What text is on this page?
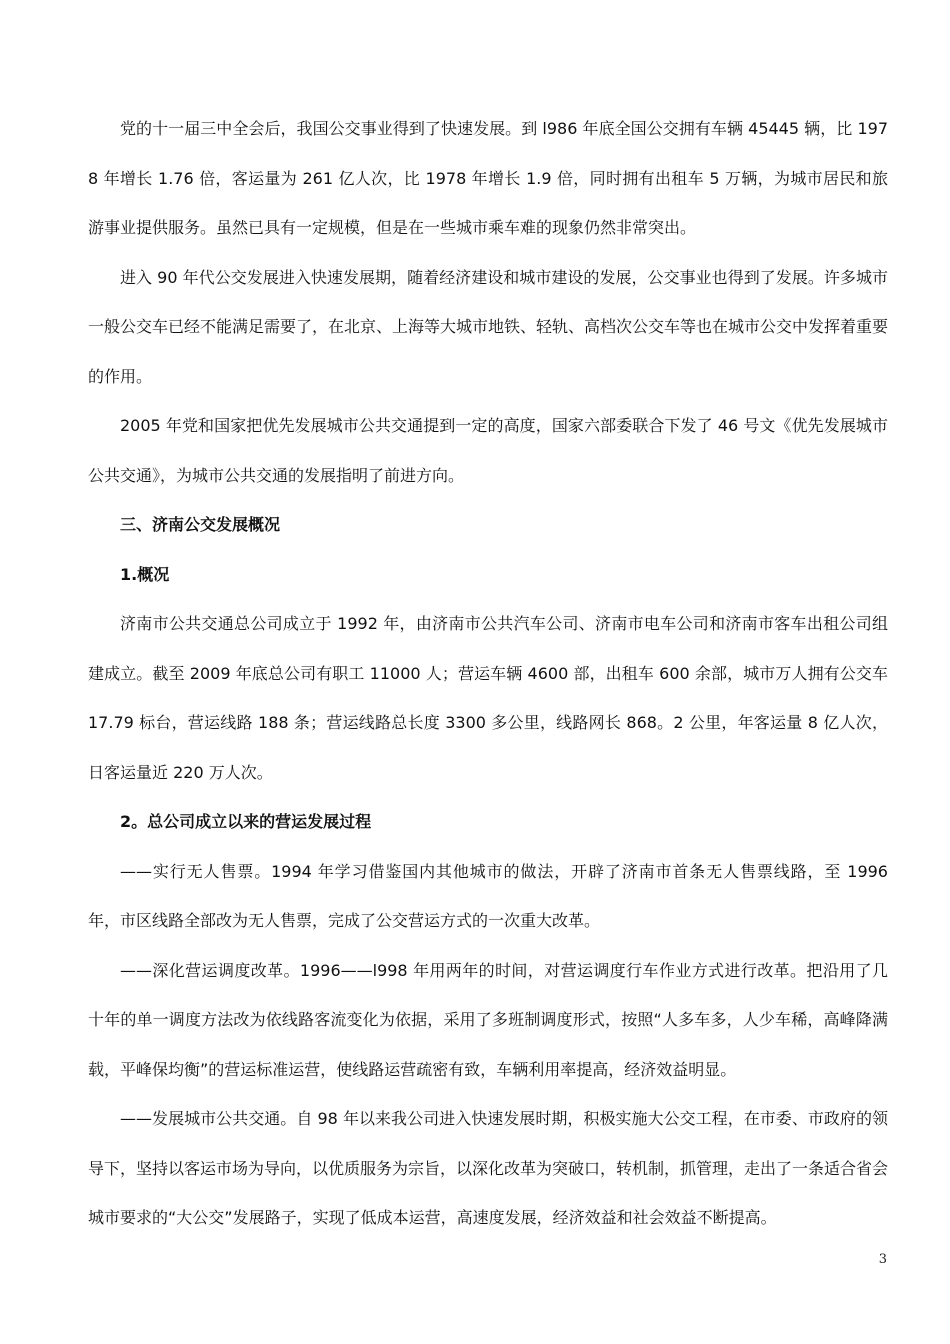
党的十一届三中全会后，我国公交事业得到了快速发展。到 l986 年底全国公交拥有车辆 45445 辆，比 1978 年增长 1.76 倍，客运量为 261 亿人次，比 1978 年增长 1.9 倍，同时拥有出租车 5 万辆，为城市居民和旅游事业提供服务。虽然已具有一定规模，但是在一些城市乘车难的现象仍然非常突出。

进入 90 年代公交发展进入快速发展期，随着经济建设和城市建设的发展，公交事业也得到了发展。许多城市一般公交车已经不能满足需要了，在北京、上海等大城市地铁、轻轨、高档次公交车等也在城市公交中发挥着重要的作用。

2005 年党和国家把优先发展城市公共交通提到一定的高度，国家六部委联合下发了 46 号文《优先发展城市公共交通》，为城市公共交通的发展指明了前进方向。

三、济南公交发展概况

1.概况

济南市公共交通总公司成立于 1992 年，由济南市公共汽车公司、济南市电车公司和济南市客车出租公司组建成立。截至 2009 年底总公司有职工 11000 人；营运车辆 4600 部，出租车 600 余部，城市万人拥有公交车 17.79 标台，营运线路 188 条；营运线路总长度 3300 多公里，线路网长 868。2 公里，年客运量 8 亿人次，日客运量近 220 万人次。

2。总公司成立以来的营运发展过程

——实行无人售票。1994 年学习借鉴国内其他城市的做法，开辟了济南市首条无人售票线路，至 1996 年，市区线路全部改为无人售票，完成了公交营运方式的一次重大改革。

——深化营运调度改革。1996——l998 年用两年的时间，对营运调度行车作业方式进行改革。把沿用了几十年的单一调度方法改为依线路客流变化为依据，采用了多班制调度形式，按照“人多车多，人少车稀，高峰降满载，平峰保均衡”的营运标准运营，使线路运营疏密有致，车辆利用率提高，经济效益明显。

——发展城市公共交通。自 98 年以来我公司进入快速发展时期，积极实施大公交工程，在市委、市政府的领导下，坚持以客运市场为导向，以优质服务为宗旨，以深化改革为突破口，转机制，抓管理，走出了一条适合省会城市要求的“大公交”发展路子，实现了低成本运营，高速度发展，经济效益和社会效益不断提高。

3
